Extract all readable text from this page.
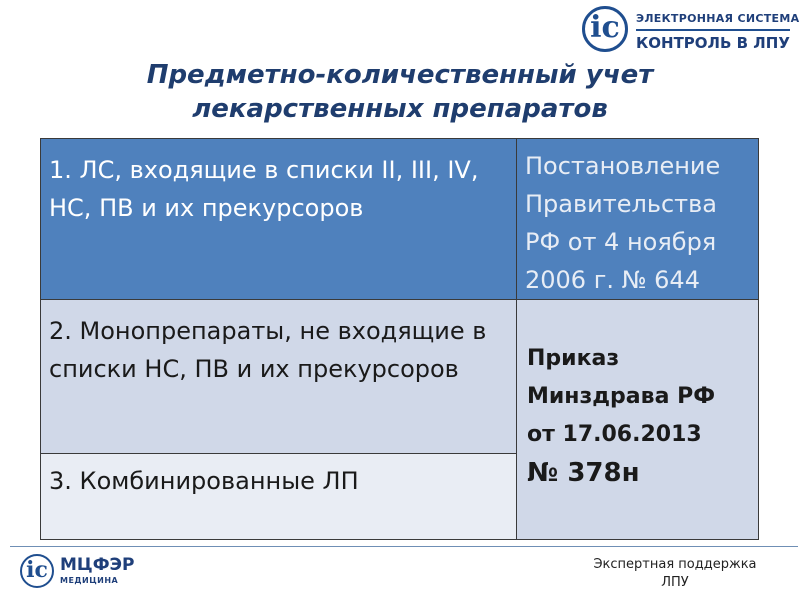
ic	ЭЛЕКТРОННАЯ СИСТЕМА
КОНТРОЛЬ В ЛПУ
Предметно-количественный учет
лекарственных препаратов
1. ЛС, входящие в списки II, III, IV, НС, ПВ и их прекурсоров	Постановление
Правительства
РФ от 4 ноября
2006 г. № 644
2. Монопрепараты, не входящие в списки НС, ПВ и их прекурсоров	Приказ
Минздрава РФ
от 17.06.2013
№ 378н
3. Комбинированные ЛП	
ic МЦФЭР
МЕДИЦИНА
Экспертная поддержка
ЛПУ
